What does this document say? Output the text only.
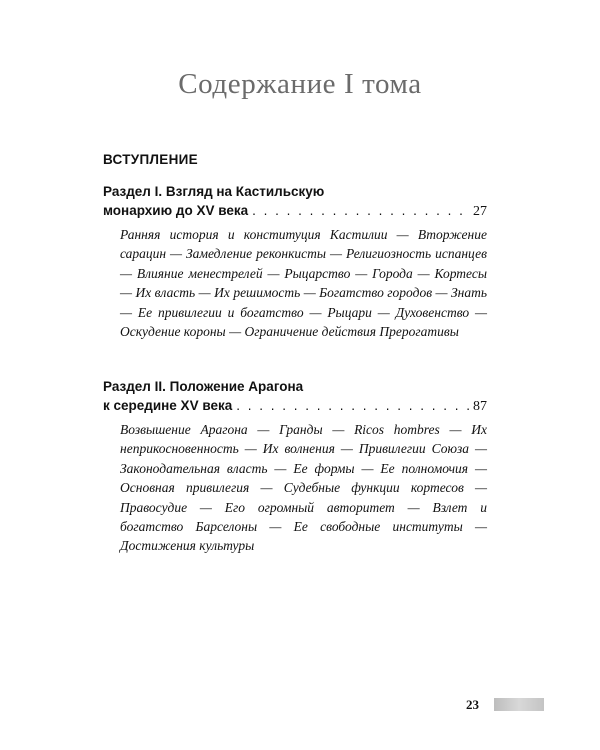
Содержание I тома
ВСТУПЛЕНИЕ
Раздел I. Взгляд на Кастильскую
монархию до XV века . . .	27
Ранняя история и конституция Кастилии — Вторжение сарацин — Замедление реконкисты — Религиозность испанцев — Влияние менестрелей — Рыцарство — Города — Кортесы — Их власть — Их решимость — Богатство городов — Знать — Ее привилегии и богатство — Рыцари — Духовенство — Оскудение короны — Ограничение действия Прерогативы
Раздел II. Положение Арагона
к середине XV века . . .	87
Возвышение Арагона — Гранды — Ricos hombres — Их неприкосновенность — Их волнения — Привилегии Союза — Законодательная власть — Ее формы — Ее полномочия — Основная привилегия — Судебные функции кортесов — Правосудие — Его огромный авторитет — Взлет и богатство Барселоны — Ее свободные институты — Достижения культуры
23
